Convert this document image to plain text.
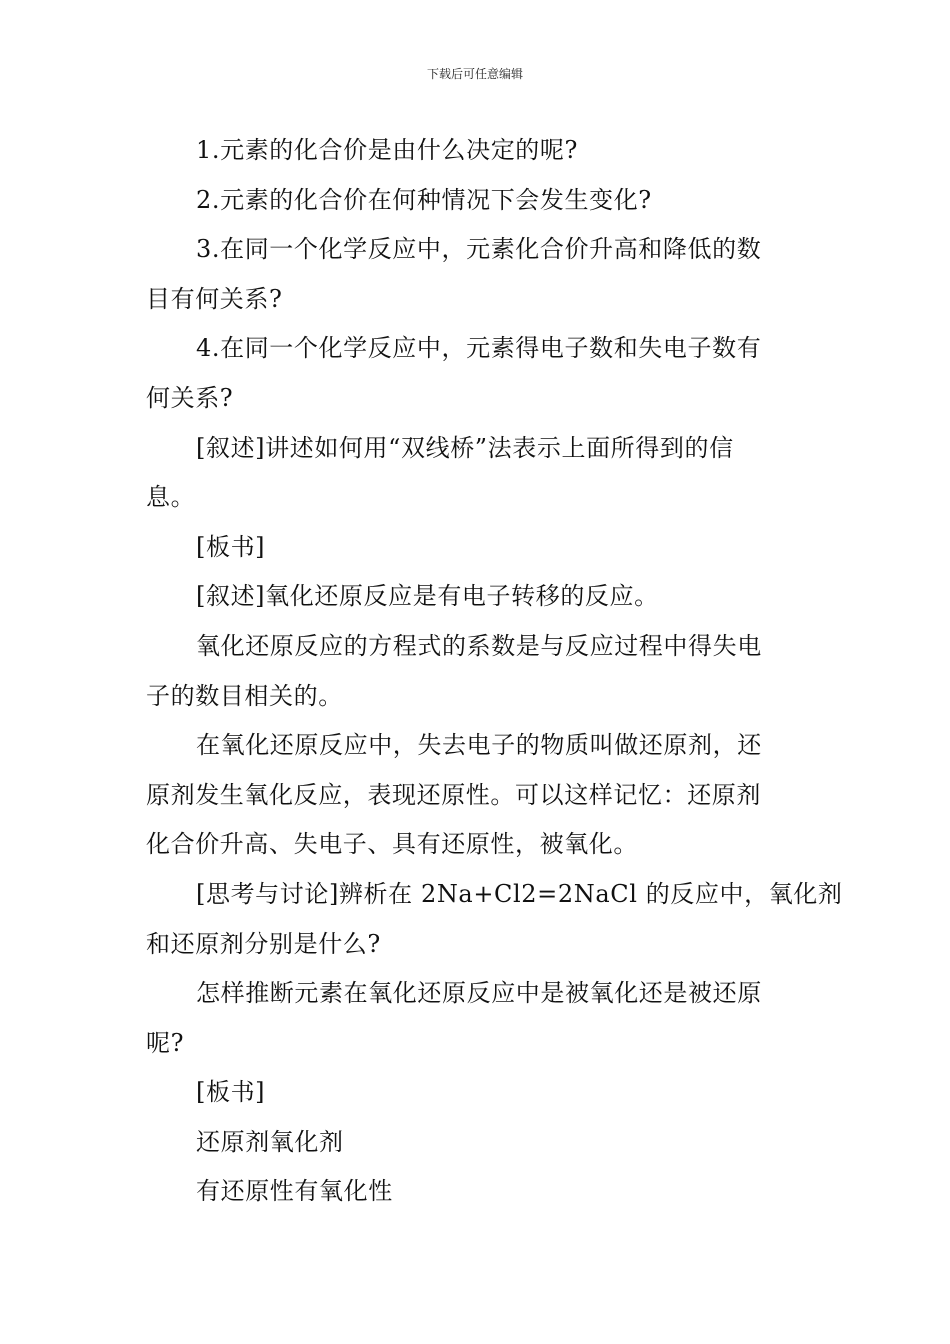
下载后可任意编辑

1.元素的化合价是由什么决定的呢?

2.元素的化合价在何种情况下会发生变化?

3.在同一个化学反应中，元素化合价升高和降低的数
目有何关系?

4.在同一个化学反应中，元素得电子数和失电子数有
何关系?

[叙述]讲述如何用“双线桥”法表示上面所得到的信
息。

[板书]

[叙述]氧化还原反应是有电子转移的反应。

氧化还原反应的方程式的系数是与反应过程中得失电
子的数目相关的。

在氧化还原反应中，失去电子的物质叫做还原剂，还
原剂发生氧化反应，表现还原性。可以这样记忆：还原剂
化合价升高、失电子、具有还原性，被氧化。

[思考与讨论]辨析在 2Na+Cl2=2NaCl 的反应中，氧化剂
和还原剂分别是什么?

怎样推断元素在氧化还原反应中是被氧化还是被还原
呢?

[板书]

还原剂氧化剂

有还原性有氧化性
